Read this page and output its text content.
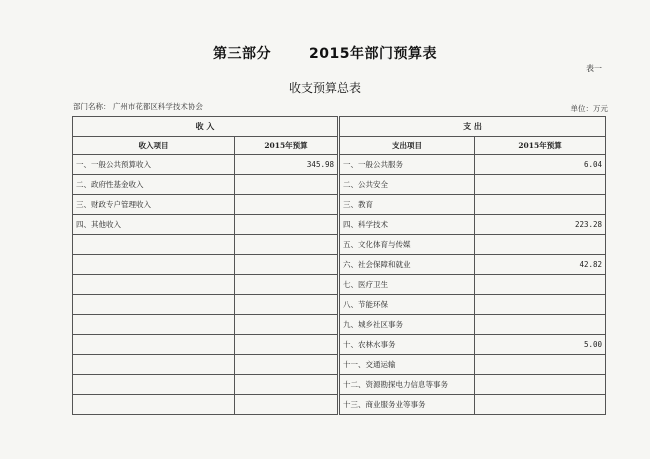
第三部分	2015年部门预算表
表一
收支预算总表
部门名称： 广州市花都区科学技术协会	单位：万元
收 入		支 出	
收入项目	2015年预算	支出项目	2015年预算
一、一般公共预算收入	345.98	一、一般公共服务	6.04
二、政府性基金收入		二、公共安全	
三、财政专户管理收入		三、教育	
四、其他收入		四、科学技术	223.28
		五、文化体育与传媒	
		六、社会保障和就业	42.82
		七、医疗卫生	
		八、节能环保	
		九、城乡社区事务	
		十、农林水事务	5.00
		十一、交通运输	
		十二、资源勘探电力信息等事务	
		十三、商业服务业等事务	
